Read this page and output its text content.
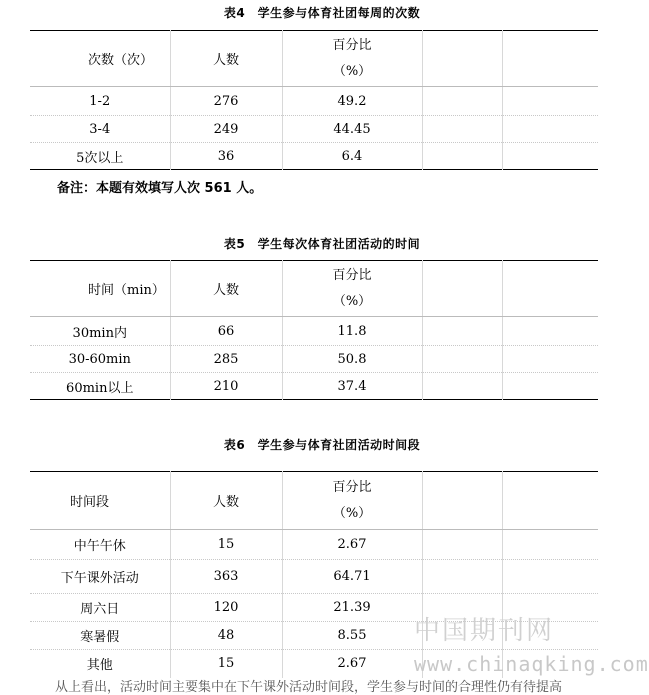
表4　学生参与体育社团每周的次数
次数（次）	人数	百分比
（%）		

1-2	276	49.2		
3-4	249	44.45		
5次以上	36	6.4		
备注：本题有效填写人次 561 人。
表5　学生每次体育社团活动的时间
时间（min）	人数	百分比
（%）		

30min内	66	11.8		
30-60min	285	50.8		
60min以上	210	37.4		
表6　学生参与体育社团活动时间段
时间段	人数	百分比
（%）		

中午午休	15	2.67		
下午课外活动	363	64.71		
周六日	120	21.39		
寒暑假	48	8.55		
其他	15	2.67		
从上看出，活动时间主要集中在下午课外活动时间段，学生参与时间的合理性仍有待提高
中国期刊网
www.chinaqking.com
